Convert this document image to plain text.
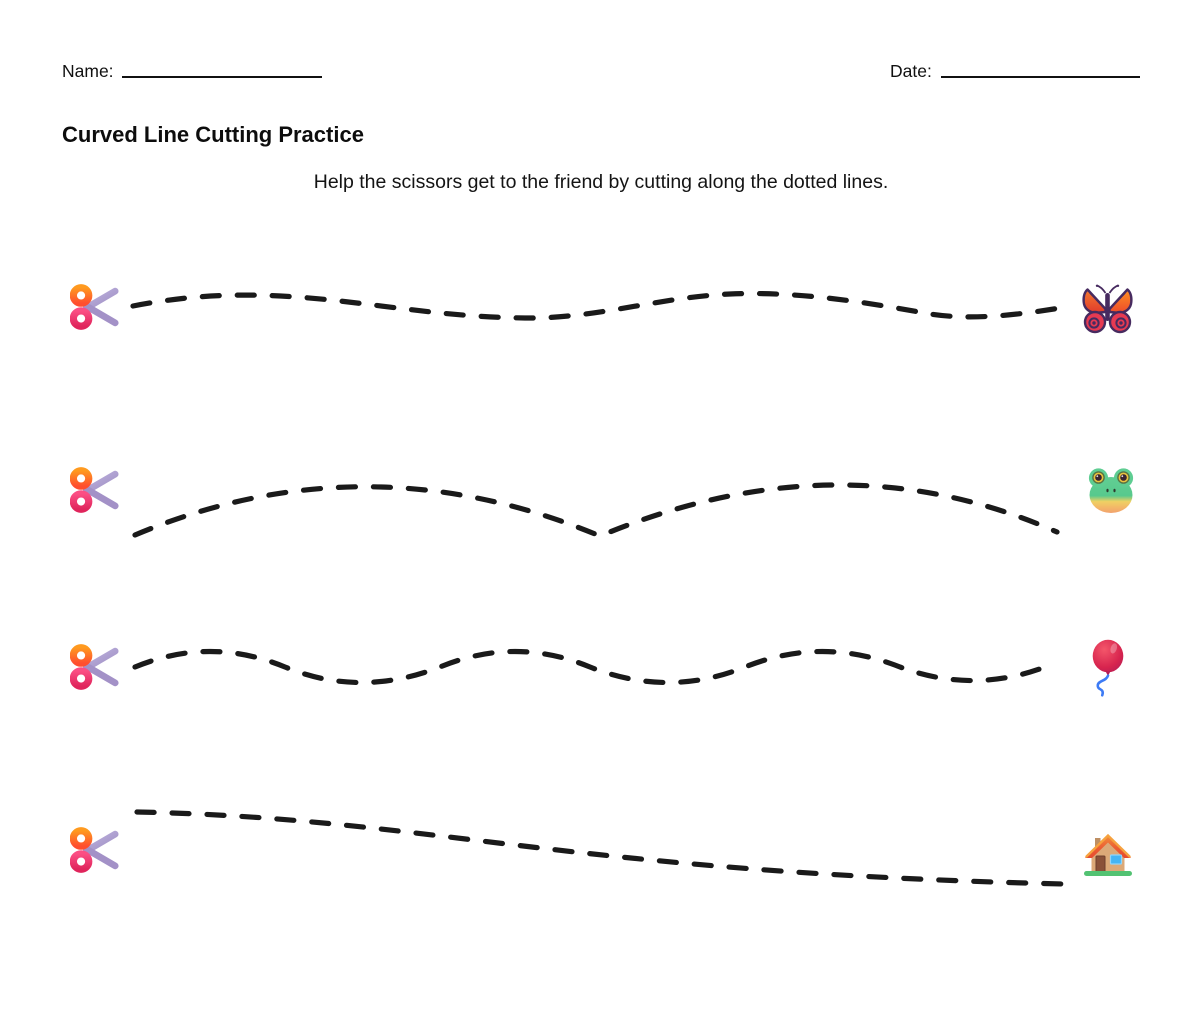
Name:	Date:
Curved Line Cutting Practice
Help the scissors get to the friend by cutting along the dotted lines.
